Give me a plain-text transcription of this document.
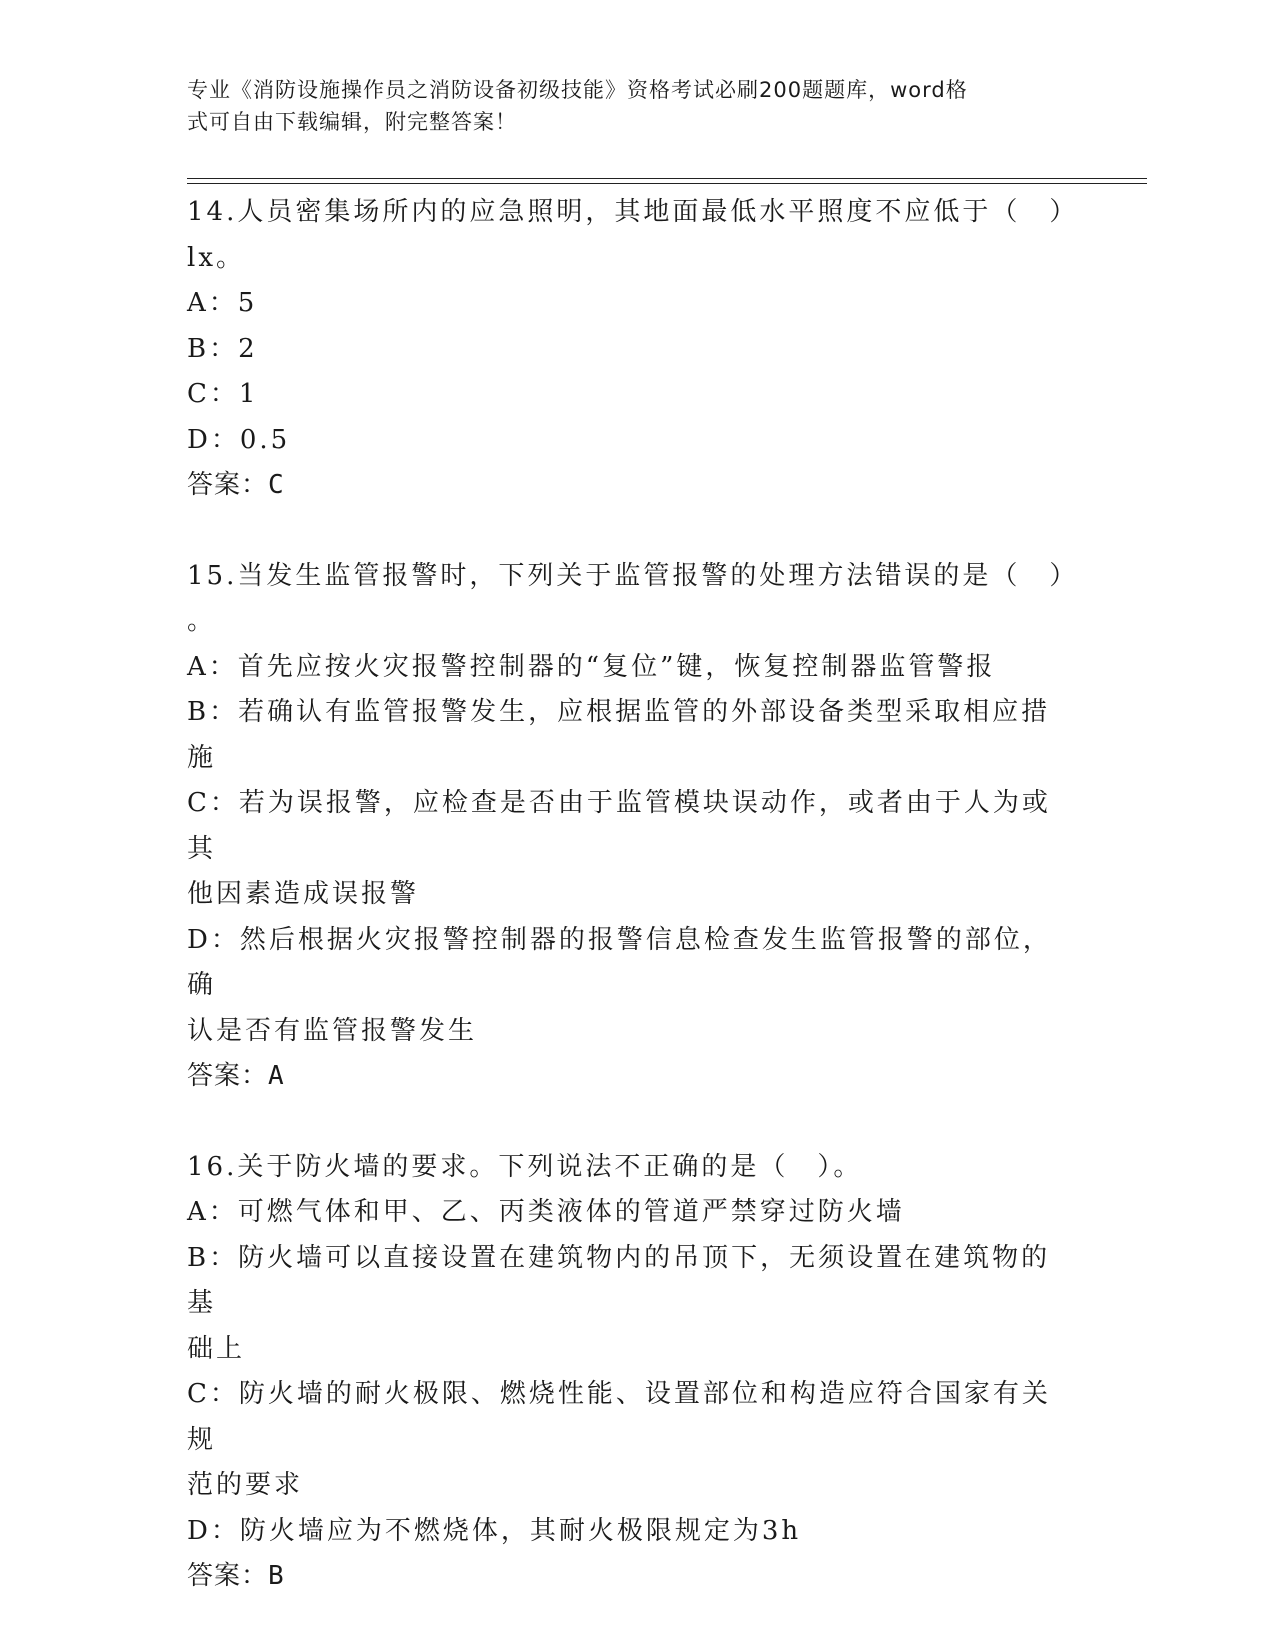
专业《消防设施操作员之消防设备初级技能》资格考试必刷200题题库，word格
式可自由下载编辑，附完整答案！
14.人员密集场所内的应急照明，其地面最低水平照度不应低于（　）
lx。
A：5
B：2
C：1
D：0.5
答案：C
15.当发生监管报警时，下列关于监管报警的处理方法错误的是（　）
。
A：首先应按火灾报警控制器的“复位”键，恢复控制器监管警报
B：若确认有监管报警发生，应根据监管的外部设备类型采取相应措施
C：若为误报警，应检查是否由于监管模块误动作，或者由于人为或其
他因素造成误报警
D：然后根据火灾报警控制器的报警信息检查发生监管报警的部位，确
认是否有监管报警发生
答案：A
16.关于防火墙的要求。下列说法不正确的是（　）。
A：可燃气体和甲、乙、丙类液体的管道严禁穿过防火墙
B：防火墙可以直接设置在建筑物内的吊顶下，无须设置在建筑物的基
础上
C：防火墙的耐火极限、燃烧性能、设置部位和构造应符合国家有关规
范的要求
D：防火墙应为不燃烧体，其耐火极限规定为3h
答案：B
